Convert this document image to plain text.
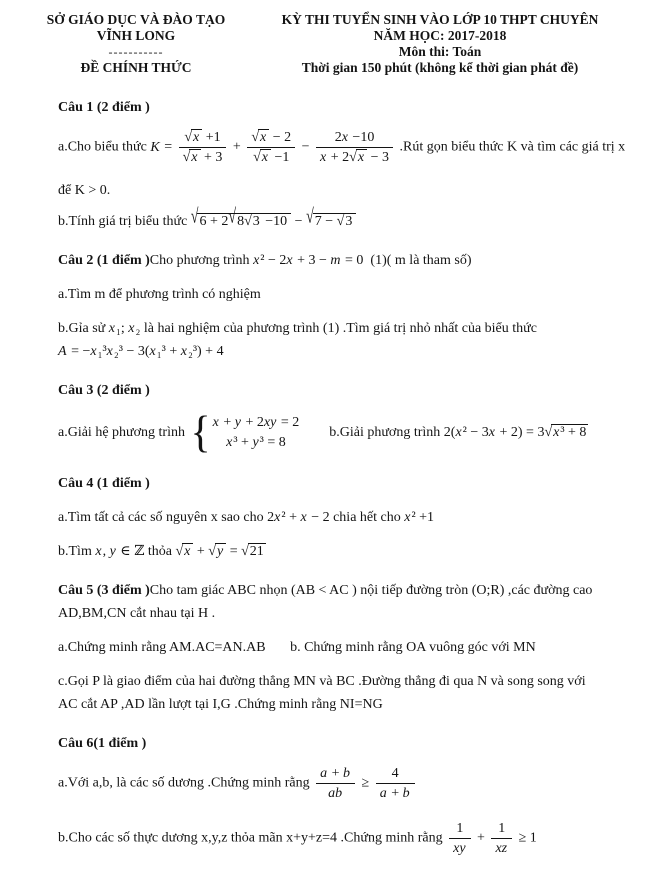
SỞ GIÁO DỤC VÀ ĐÀO TẠO
VĨNH LONG
-----------
ĐỀ CHÍNH THỨC
KỲ THI TUYỂN SINH VÀO LỚP 10 THPT CHUYÊN
NĂM HỌC: 2017-2018
Môn thi: Toán
Thời gian 150 phút (không kể thời gian phát đề)
Câu 1 (2 điểm )
a.Cho biểu thức $K = \frac{√ x +1}{√ x + 3} + \frac{√ x - 2}{√ x -1} - \frac{2x -10}{x + 2√ x - 3}$ .Rút gọn biểu thức K và tìm các giá trị x
để K > 0.
b.Tính giá trị biểu thức √ 6 + 2√ 8√ 3 −10 − √ 7 − √ 3
Câu 2 (1 điểm )Cho phương trình x² − 2x + 3 − m = 0  (1)( m là tham số)
a.Tìm m để phương trình có nghiệm
b.Gỉa sử x₁; x₂ là hai nghiệm của phương trình (1) .Tìm giá trị nhỏ nhất của biểu thức
A = −x₁³x₂³ − 3(x₁³ + x₂³) + 4
Câu 3 (2 điểm )
a.Giải hệ phương trình { x + y + 2xy = 2
x³ + y³ = 8
b.Giải phương trình 2(x² − 3x + 2) = 3√ x³ + 8
Câu 4 (1 điểm )
a.Tìm tất cả các số nguyên x sao cho 2x² + x − 2 chia hết cho x² +1
b.Tìm x, y ∈ ℤ thỏa √ x + √ y = √ 21
Câu 5 (3 điểm )Cho tam giác ABC nhọn (AB < AC ) nội tiếp đường tròn (O;R) ,các đường cao
AD,BM,CN cắt nhau tại H .
a.Chứng minh rằng AM.AC=AN.AB       b. Chứng minh rằng OA vuông góc với MN
c.Gọi P là giao điểm của hai đường thẳng MN và BC .Đường thẳng đi qua N và song song với
AC cắt AP ,AD lần lượt tại I,G .Chứng minh rằng NI=NG
Câu 6(1 điểm )
a.Với a,b, là các số dương .Chứng minh rằng $\frac{a + b}{ab} \ge \frac{4}{a + b}$
b.Cho các số thực dương x,y,z thỏa mãn x+y+z=4 .Chứng minh rằng $\frac{1}{xy} + \frac{1}{xz} \ge 1$
